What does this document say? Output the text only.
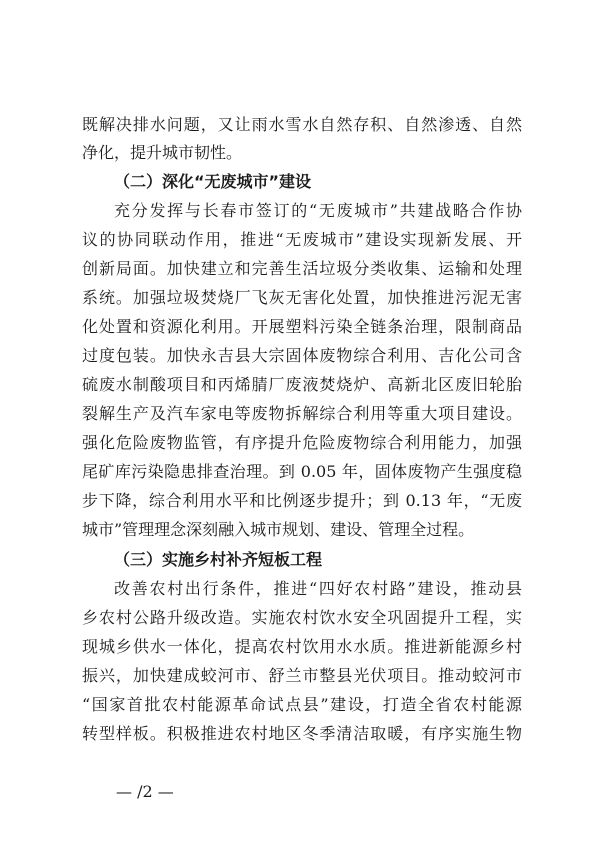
既解决排水问题，又让雨水雪水自然存积、自然渗透、自然
净化，提升城市韧性。
（二）深化“无废城市”建设
充分发挥与长春市签订的“无废城市”共建战略合作协
议的协同联动作用，推进“无废城市”建设实现新发展、开
创新局面。加快建立和完善生活垃圾分类收集、运输和处理
系统。加强垃圾焚烧厂飞灰无害化处置，加快推进污泥无害
化处置和资源化利用。开展塑料污染全链条治理，限制商品
过度包装。加快永吉县大宗固体废物综合利用、吉化公司含
硫废水制酸项目和丙烯腈厂废液焚烧炉、高新北区废旧轮胎
裂解生产及汽车家电等废物拆解综合利用等重大项目建设。
强化危险废物监管，有序提升危险废物综合利用能力，加强
尾矿库污染隐患排查治理。到 0.05 年，固体废物产生强度稳
步下降，综合利用水平和比例逐步提升；到 0.13 年，“无废
城市”管理理念深刻融入城市规划、建设、管理全过程。
（三）实施乡村补齐短板工程
改善农村出行条件，推进“四好农村路”建设，推动县
乡农村公路升级改造。实施农村饮水安全巩固提升工程，实
现城乡供水一体化，提高农村饮用水水质。推进新能源乡村
振兴，加快建成蛟河市、舒兰市整县光伏项目。推动蛟河市
“国家首批农村能源革命试点县”建设，打造全省农村能源
转型样板。积极推进农村地区冬季清洁取暖，有序实施生物
— /2 —
